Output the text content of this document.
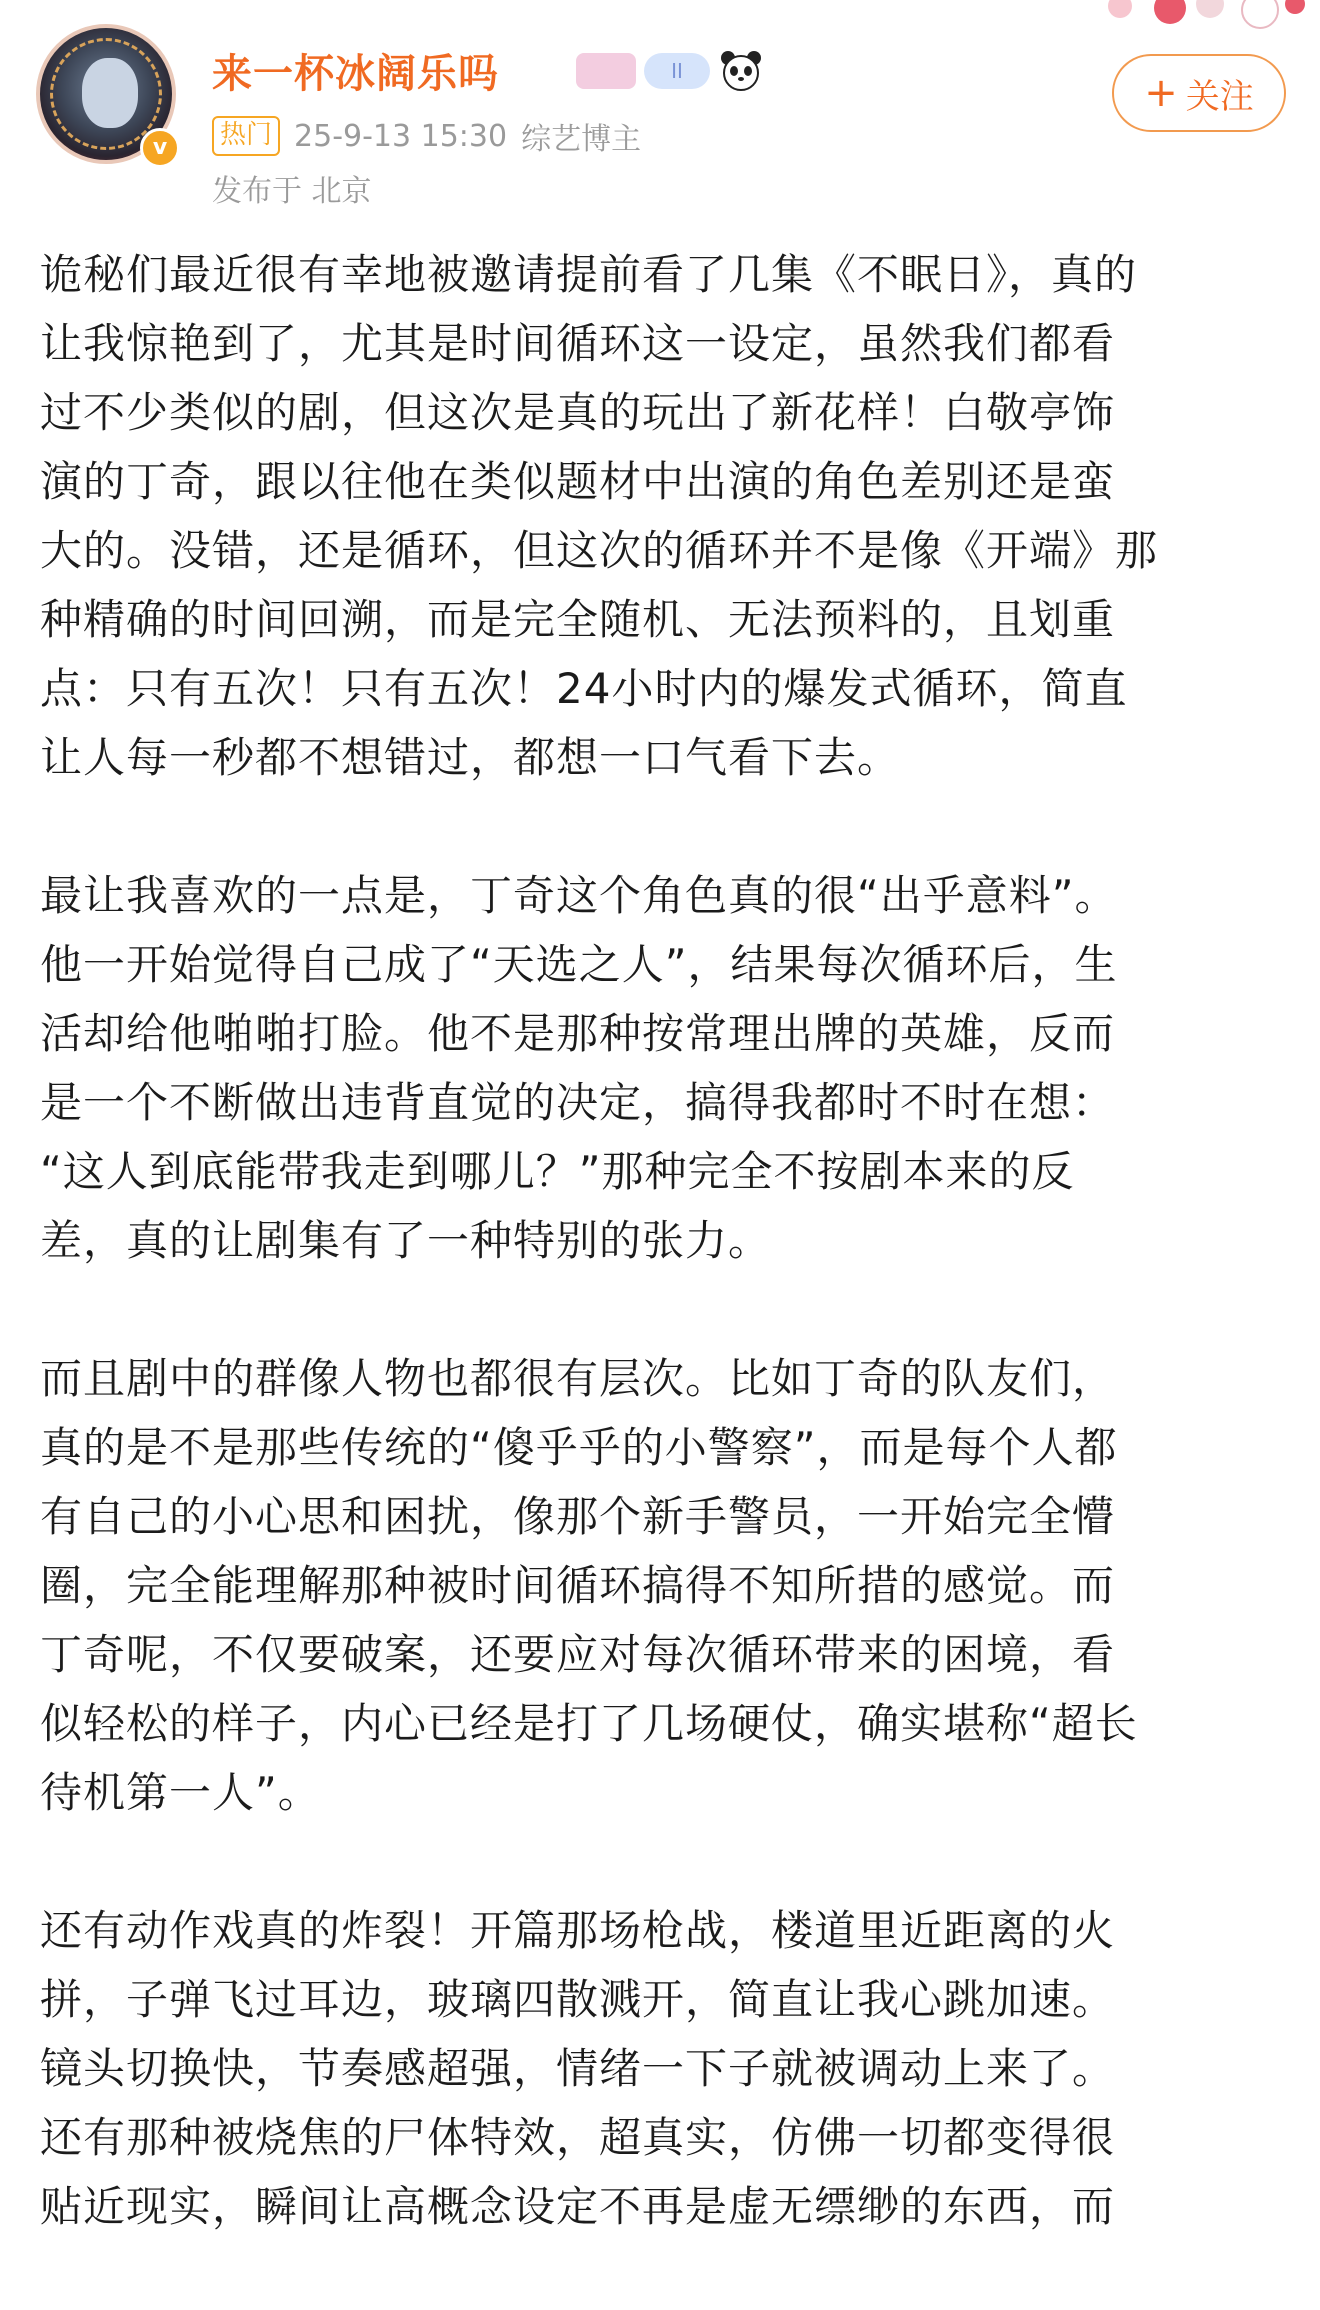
v
来一杯冰阔乐吗	II
热门 25-9-13 15:30 综艺博主
发布于 北京
+ 关注

诡秘们最近很有幸地被邀请提前看了几集《不眠日》，真的
让我惊艳到了，尤其是时间循环这一设定，虽然我们都看
过不少类似的剧，但这次是真的玩出了新花样！白敬亭饰
演的丁奇，跟以往他在类似题材中出演的角色差别还是蛮
大的。没错，还是循环，但这次的循环并不是像《开端》那
种精确的时间回溯，而是完全随机、无法预料的，且划重
点：只有五次！只有五次！24小时内的爆发式循环，简直
让人每一秒都不想错过，都想一口气看下去。

最让我喜欢的一点是，丁奇这个角色真的很“出乎意料”。
他一开始觉得自己成了“天选之人”，结果每次循环后，生
活却给他啪啪打脸。他不是那种按常理出牌的英雄，反而
是一个不断做出违背直觉的决定，搞得我都时不时在想：
“这人到底能带我走到哪儿？”那种完全不按剧本来的反
差，真的让剧集有了一种特别的张力。

而且剧中的群像人物也都很有层次。比如丁奇的队友们，
真的是不是那些传统的“傻乎乎的小警察”，而是每个人都
有自己的小心思和困扰，像那个新手警员，一开始完全懵
圈，完全能理解那种被时间循环搞得不知所措的感觉。而
丁奇呢，不仅要破案，还要应对每次循环带来的困境，看
似轻松的样子，内心已经是打了几场硬仗，确实堪称“超长
待机第一人”。

还有动作戏真的炸裂！开篇那场枪战，楼道里近距离的火
拼，子弹飞过耳边，玻璃四散溅开，简直让我心跳加速。
镜头切换快，节奏感超强，情绪一下子就被调动上来了。
还有那种被烧焦的尸体特效，超真实，仿佛一切都变得很
贴近现实，瞬间让高概念设定不再是虚无缥缈的东西，而
